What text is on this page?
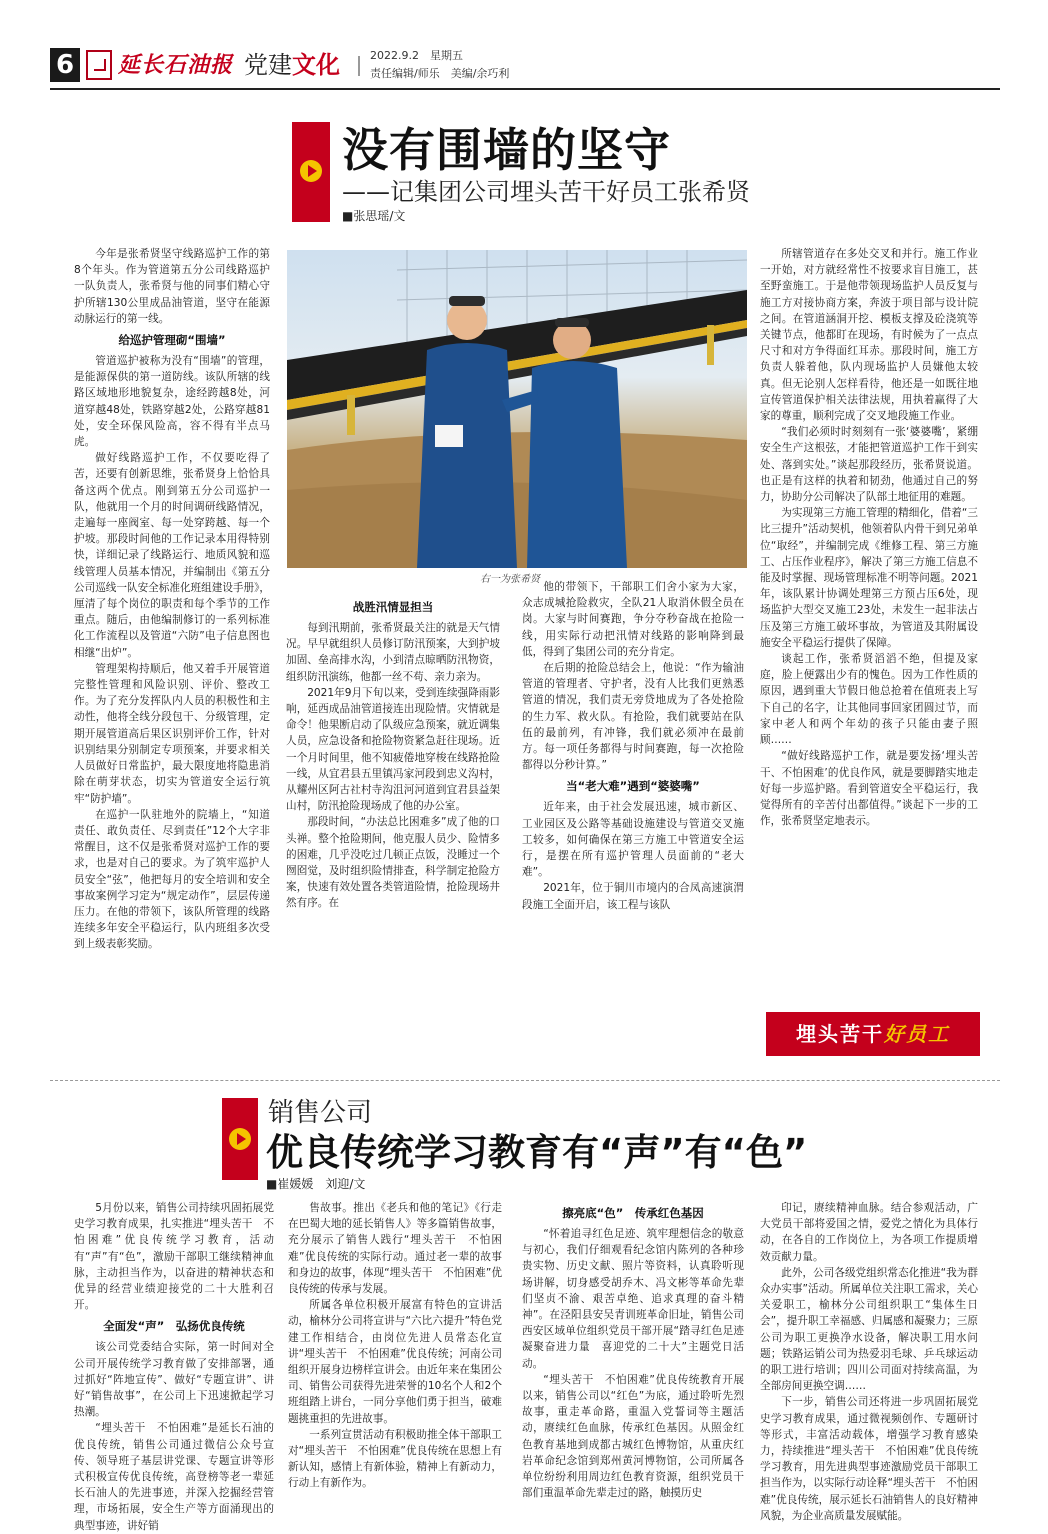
6 延长石油报 党建文化	2022.9.2　星期五
责任编辑/师乐　美编/余巧利
没有围墙的坚守
——记集团公司埋头苦干好员工张希贤
■张思瑶/文

今年是张希贤坚守线路巡护工作的第8个年头。作为管道第五分公司线路巡护一队负责人，张希贤与他的同事们精心守护所辖130公里成品油管道，坚守在能源动脉运行的第一线。

给巡护管理砌“围墙”

管道巡护被称为没有“围墙”的管理，是能源保供的第一道防线。该队所辖的线路区域地形地貌复杂，途经跨越8处，河道穿越48处，铁路穿越2处，公路穿越81处，安全环保风险高，容不得有半点马虎。

做好线路巡护工作，不仅要吃得了苦，还要有创新思维，张希贤身上恰恰具备这两个优点。刚到第五分公司巡护一队，他就用一个月的时间调研线路情况，走遍每一座阀室、每一处穿跨越、每一个护坡。那段时间他的工作记录本用得特别快，详细记录了线路运行、地质风貌和巡线管理人员基本情况，并编制出《第五分公司巡线一队安全标准化班组建设手册》，厘清了每个岗位的职责和每个季节的工作重点。随后，由他编制修订的一系列标准化工作流程以及管道“六防”电子信息图也相继“出炉”。

管理架构持顺后，他又着手开展管道完整性管理和风险识别、评价、整改工作。为了充分发挥队内人员的积极性和主动性，他将全线分段包干、分级管理，定期开展管道高后果区识别评价工作，针对识别结果分别制定专项预案，并要求相关人员做好日常监护，最大限度地将隐患消除在萌芽状态，切实为管道安全运行筑牢“防护墙”。

在巡护一队驻地外的院墙上，“知道责任、敢负责任、尽到责任”12个大字非常醒目，这不仅是张希贤对巡护工作的要求，也是对自己的要求。为了筑牢巡护人员安全“弦”，他把每月的安全培训和安全事故案例学习定为“规定动作”，层层传递压力。在他的带领下，该队所管理的线路连续多年安全平稳运行，队内班组多次受到上级表彰奖励。

战胜汛情显担当

每到汛期前，张希贤最关注的就是天气情况。早早就组织人员修订防汛预案，大到护坡加固、垒高排水沟，小到清点晾晒防汛物资，组织防汛演练，他都一丝不苟、亲力亲为。

2021年9月下旬以来，受到连续强降雨影响，延西成品油管道接连出现险情。灾情就是命令！他果断启动了队级应急预案，就近调集人员，应急设备和抢险物资紧急赶往现场。近一个月时间里，他不知疲倦地穿梭在线路抢险一线，从宜君县五里镇冯家河段到忠义沟村，从耀州区阿古社村寺沟沮河河道到宜君县益架山村，防汛抢险现场成了他的办公室。

那段时间，“办法总比困难多”成了他的口头禅。整个抢险期间，他克服人员少、险情多的困难，几乎没吃过几顿正点饭，没睡过一个囫囵觉，及时组织险情排查，科学制定抢险方案，快速有效处置各类管道险情，抢险现场井然有序。在

他的带领下，干部职工们舍小家为大家，众志成城抢险救灾，全队21人取消休假全员在岗。大家与时间赛跑，争分夺秒奋战在抢险一线，用实际行动把汛情对线路的影响降到最低，得到了集团公司的充分肯定。

在后期的抢险总结会上，他说：“作为输油管道的管理者、守护者，没有人比我们更熟悉管道的情况，我们责无旁贷地成为了各处抢险的生力军、救火队。有抢险，我们就要站在队伍的最前列，有冲锋，我们就必须冲在最前方。每一项任务都得与时间赛跑，每一次抢险都得以分秒计算。”

当“老大难”遇到“婆婆嘴”

近年来，由于社会发展迅速，城市新区、工业园区及公路等基础设施建设与管道交叉施工较多，如何确保在第三方施工中管道安全运行，是摆在所有巡护管理人员面前的“老大难”。

2021年，位于铜川市境内的合凤高速演渭段施工全面开启，该工程与该队

所辖管道存在多处交叉和并行。施工作业一开始，对方就经常性不按要求盲目施工，甚至野蛮施工。于是他带领现场监护人员反复与施工方对接协商方案，奔波于项目部与设计院之间。在管道涵洞开挖、模板支撑及砼浇筑等关键节点，他都盯在现场，有时候为了一点点尺寸和对方争得面红耳赤。那段时间，施工方负责人躲着他，队内现场监护人员嫌他太较真。但无论别人怎样看待，他还是一如既往地宣传管道保护相关法律法规，用执着赢得了大家的尊重，顺利完成了交叉地段施工作业。

“我们必须时时刻刻有一张‘婆婆嘴’，紧绷安全生产这根弦，才能把管道巡护工作干到实处、落到实处。”谈起那段经历，张希贤说道。也正是有这样的执着和韧劲，他通过自己的努力，协助分公司解决了队部土地征用的难题。

为实现第三方施工管理的精细化，借着“三比三提升”活动契机，他领着队内骨干到兄弟单位“取经”，并编制完成《维修工程、第三方施工、占压作业程序》，解决了第三方施工信息不能及时掌握、现场管理标准不明等问题。2021年，该队累计协调处理第三方预占压6处，现场监护大型交叉施工23处，未发生一起非法占压及第三方施工破坏事故，为管道及其附属设施安全平稳运行提供了保障。

谈起工作，张希贤滔滔不绝，但提及家庭，脸上便露出少有的愧色。因为工作性质的原因，遇到重大节假日他总抢着在值班表上写下自己的名字，让其他同事回家团圆过节，而家中老人和两个年幼的孩子只能由妻子照顾……

“做好线路巡护工作，就是要发扬‘埋头苦干、不怕困难’的优良作风，就是要脚踏实地走好每一步巡护路。看到管道安全平稳运行，我觉得所有的辛苦付出都值得。”谈起下一步的工作，张希贤坚定地表示。

右一为张希贤
埋头苦干好员工
销售公司
优良传统学习教育有“声”有“色”
■崔媛媛　刘迎/文

5月份以来，销售公司持续巩固拓展党史学习教育成果，扎实推进“埋头苦干　不怕困难”优良传统学习教育，活动有“声”有“色”，激励干部职工继续精神血脉，主动担当作为，以奋进的精神状态和优异的经营业绩迎接党的二十大胜利召开。

全面发“声”　弘扬优良传统

该公司党委结合实际，第一时间对全公司开展传统学习教育做了安排部署，通过抓好“阵地宣传”、做好“专题宣讲”、讲好“销售故事”，在公司上下迅速掀起学习热潮。

“埋头苦干　不怕困难”是延长石油的优良传统，销售公司通过微信公众号宣传、领导班子基层讲党课、专题宣讲等形式积极宣传优良传统，高登榜等老一辈延长石油人的先进事迹，并深入挖掘经营管理，市场拓展，安全生产等方面涌现出的典型事迹，讲好销

售故事。推出《老兵和他的笔记》《行走在巴蜀大地的延长销售人》等多篇销售故事，充分展示了销售人践行“埋头苦干　不怕困难”优良传统的实际行动。通过老一辈的故事和身边的故事，体现“埋头苦干　不怕困难”优良传统的传承与发展。

所属各单位积极开展富有特色的宣讲活动，榆林分公司将宣讲与“六比六提升”特色党建工作相结合，由岗位先进人员常态化宣讲“埋头苦干　不怕困难”优良传统；河南公司组织开展身边榜样宣讲会。由近年来在集团公司、销售公司获得先进荣誉的10名个人和2个班组踏上讲台，一同分享他们勇于担当，破难题挑重担的先进故事。

一系列宣贯活动有积极助推全体干部职工对“埋头苦干　不怕困难”优良传统在思想上有新认知，感情上有新体验，精神上有新动力，行动上有新作为。

擦亮底“色”　传承红色基因

“怀着追寻红色足迹、筑牢理想信念的敬意与初心，我们仔细观看纪念馆内陈列的各种珍贵实物、历史文献、照片等资料，认真聆听现场讲解，切身感受胡乔木、冯文彬等革命先辈们坚贞不渝、艰苦卓绝、追求真理的奋斗精神”。在泾阳县安吴青训班革命旧址，销售公司西安区域单位组织党员干部开展“踏寻红色足迹　凝聚奋进力量　喜迎党的二十大”主题党日活动。

“埋头苦干　不怕困难”优良传统教育开展以来，销售公司以“红色”为底，通过聆听先烈故事，重走革命路，重温入党誓词等主题活动，赓续红色血脉，传承红色基因。从照金红色教育基地到成都古城红色博物馆，从重庆红岩革命纪念馆到郑州黄河博物馆，公司所属各单位纷纷利用周边红色教育资源，组织党员干部们重温革命先辈走过的路，触摸历史

印记，赓续精神血脉。结合参观活动，广大党员干部将爱国之情，爱党之情化为具体行动，在各自的工作岗位上，为各项工作提质增效贡献力量。

此外，公司各级党组织常态化推进“我为群众办实事”活动。所属单位关注职工需求，关心关爱职工，榆林分公司组织职工“集体生日会”，提升职工幸福感、归属感和凝聚力；三原公司为职工更换净水设备，解决职工用水问题；铁路运销公司为热爱羽毛球、乒乓球运动的职工进行培训；四川公司面对持续高温，为全部房间更换空调……

下一步，销售公司还将进一步巩固拓展党史学习教育成果，通过微视频创作、专题研讨等形式，丰富活动载体，增强学习教育感染力，持续推进“埋头苦干　不怕困难”优良传统学习教育，用先进典型事迹激励党员干部职工担当作为，以实际行动诠释“埋头苦干　不怕困难”优良传统，展示延长石油销售人的良好精神风貌，为企业高质量发展赋能。
